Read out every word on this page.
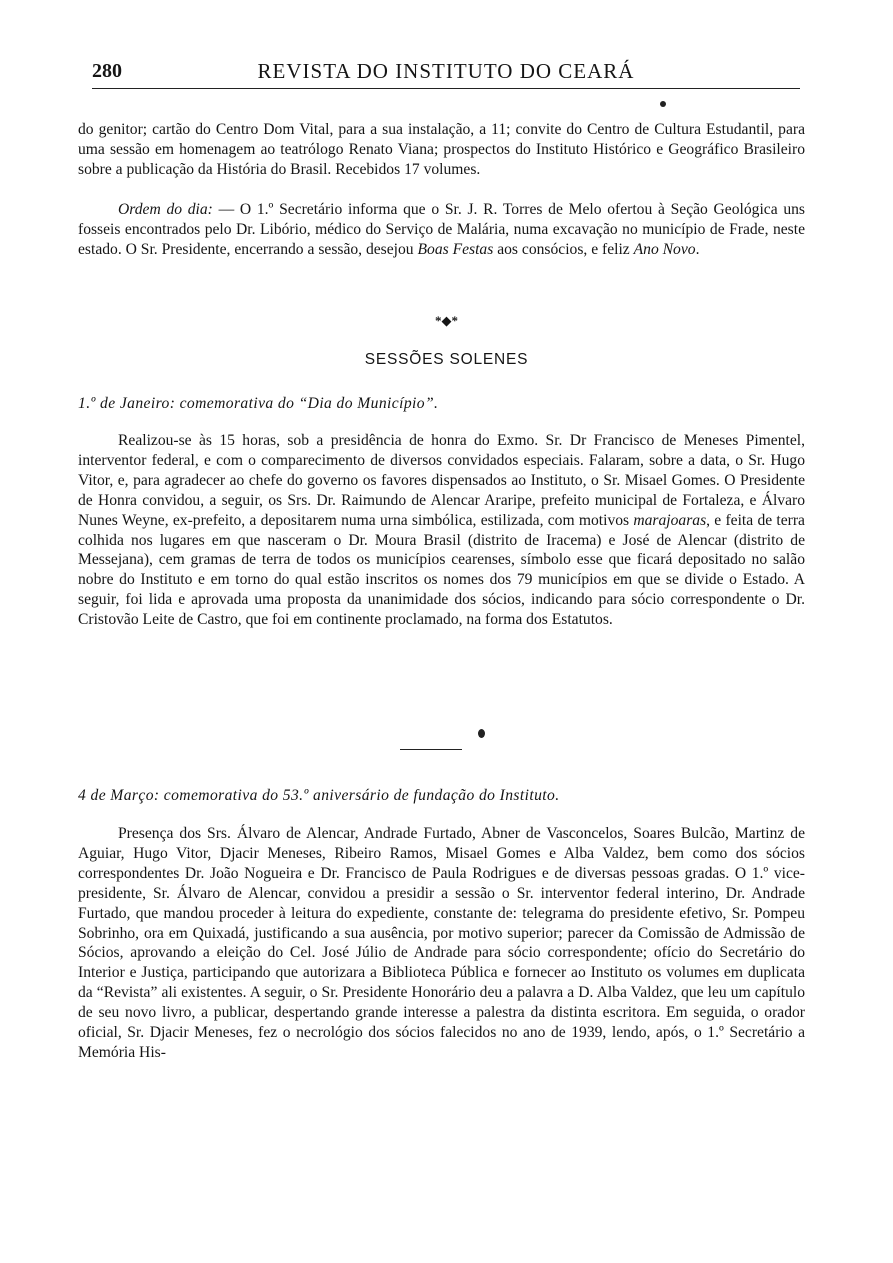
280	REVISTA DO INSTITUTO DO CEARÁ

do genitor; cartão do Centro Dom Vital, para a sua instalação, a 11; convite do Centro de Cultura Estudantil, para uma sessão em homenagem ao teatrólogo Renato Viana; prospectos do Instituto Histórico e Geográfico Brasileiro sobre a publicação da História do Brasil. Recebidos 17 volumes.

Ordem do dia: — O 1.º Secretário informa que o Sr. J. R. Torres de Melo ofertou à Seção Geológica uns fosseis encontrados pelo Dr. Libório, médico do Serviço de Malária, numa excavação no município de Frade, neste estado. O Sr. Presidente, encerrando a sessão, desejou Boas Festas aos consócios, e feliz Ano Novo.

*◆*
SESSÕES SOLENES

1.º de Janeiro: comemorativa do “Dia do Município”.

Realizou-se às 15 horas, sob a presidência de honra do Exmo. Sr. Dr Francisco de Meneses Pimentel, interventor federal, e com o comparecimento de diversos convidados especiais. Falaram, sobre a data, o Sr. Hugo Vitor, e, para agradecer ao chefe do governo os favores dispensados ao Instituto, o Sr. Misael Gomes. O Presidente de Honra convidou, a seguir, os Srs. Dr. Raimundo de Alencar Araripe, prefeito municipal de Fortaleza, e Álvaro Nunes Weyne, ex-prefeito, a depositarem numa urna simbólica, estilizada, com motivos marajoaras, e feita de terra colhida nos lugares em que nasceram o Dr. Moura Brasil (distrito de Iracema) e José de Alencar (distrito de Messejana), cem gramas de terra de todos os municípios cearenses, símbolo esse que ficará depositado no salão nobre do Instituto e em torno do qual estão inscritos os nomes dos 79 municípios em que se divide o Estado. A seguir, foi lida e aprovada uma proposta da unanimidade dos sócios, indicando para sócio correspondente o Dr. Cristovão Leite de Castro, que foi em continente proclamado, na forma dos Estatutos.

4 de Março: comemorativa do 53.º aniversário de fundação do Instituto.

Presença dos Srs. Álvaro de Alencar, Andrade Furtado, Abner de Vasconcelos, Soares Bulcão, Martinz de Aguiar, Hugo Vitor, Djacir Meneses, Ribeiro Ramos, Misael Gomes e Alba Valdez, bem como dos sócios correspondentes Dr. João Nogueira e Dr. Francisco de Paula Rodrigues e de diversas pessoas gradas. O 1.º vice-presidente, Sr. Álvaro de Alencar, convidou a presidir a sessão o Sr. interventor federal interino, Dr. Andrade Furtado, que mandou proceder à leitura do expediente, constante de: telegrama do presidente efetivo, Sr. Pompeu Sobrinho, ora em Quixadá, justificando a sua ausência, por motivo superior; parecer da Comissão de Admissão de Sócios, aprovando a eleição do Cel. José Júlio de Andrade para sócio correspondente; ofício do Secretário do Interior e Justiça, participando que autorizara a Biblioteca Pública e fornecer ao Instituto os volumes em duplicata da “Revista” ali existentes. A seguir, o Sr. Presidente Honorário deu a palavra a D. Alba Valdez, que leu um capítulo de seu novo livro, a publicar, despertando grande interesse a palestra da distinta escritora. Em seguida, o orador oficial, Sr. Djacir Meneses, fez o necrológio dos sócios falecidos no ano de 1939, lendo, após, o 1.º Secretário a Memória His-
